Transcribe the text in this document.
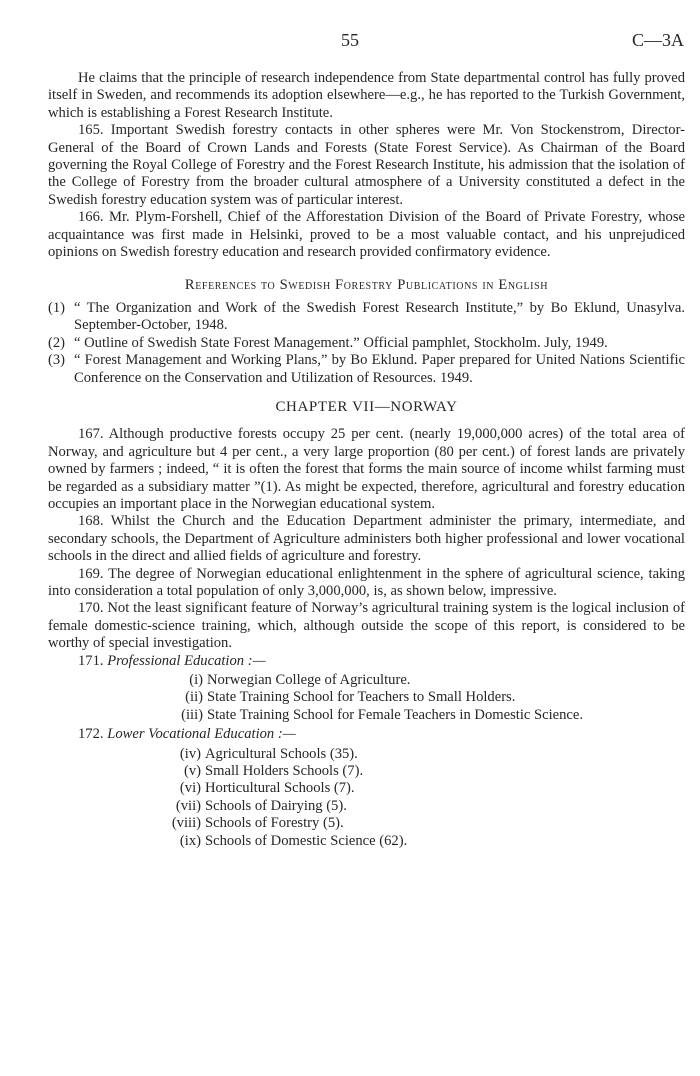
55	C—3A

He claims that the principle of research independence from State departmental control has fully proved itself in Sweden, and recommends its adoption elsewhere—e.g., he has reported to the Turkish Government, which is establishing a Forest Research Institute.

165. Important Swedish forestry contacts in other spheres were Mr. Von Stockenstrom, Director-General of the Board of Crown Lands and Forests (State Forest Service). As Chairman of the Board governing the Royal College of Forestry and the Forest Research Institute, his admission that the isolation of the College of Forestry from the broader cultural atmosphere of a University constituted a defect in the Swedish forestry education system was of particular interest.

166. Mr. Plym-Forshell, Chief of the Afforestation Division of the Board of Private Forestry, whose acquaintance was first made in Helsinki, proved to be a most valuable contact, and his unprejudiced opinions on Swedish forestry education and research provided confirmatory evidence.

References to Swedish Forestry Publications in English
(1) “ The Organization and Work of the Swedish Forest Research Institute,” by Bo Eklund, Unasylva. September-October, 1948.
(2) “ Outline of Swedish State Forest Management.” Official pamphlet, Stockholm. July, 1949.
(3) “ Forest Management and Working Plans,” by Bo Eklund. Paper prepared for United Nations Scientific Conference on the Conservation and Utilization of Resources. 1949.
CHAPTER VII—NORWAY

167. Although productive forests occupy 25 per cent. (nearly 19,000,000 acres) of the total area of Norway, and agriculture but 4 per cent., a very large proportion (80 per cent.) of forest lands are privately owned by farmers ; indeed, “ it is often the forest that forms the main source of income whilst farming must be regarded as a subsidiary matter ”(1). As might be expected, therefore, agricultural and forestry education occupies an important place in the Norwegian educational system.

168. Whilst the Church and the Education Department administer the primary, intermediate, and secondary schools, the Department of Agriculture administers both higher professional and lower vocational schools in the direct and allied fields of agriculture and forestry.

169. The degree of Norwegian educational enlightenment in the sphere of agricultural science, taking into consideration a total population of only 3,000,000, is, as shown below, impressive.

170. Not the least significant feature of Norway’s agricultural training system is the logical inclusion of female domestic-science training, which, although outside the scope of this report, is considered to be worthy of special investigation.

171. Professional Education :—

(i) Norwegian College of Agriculture.
(ii) State Training School for Teachers to Small Holders.
(iii) State Training School for Female Teachers in Domestic Science.

172. Lower Vocational Education :—

(iv) Agricultural Schools (35).
(v) Small Holders Schools (7).
(vi) Horticultural Schools (7).
(vii) Schools of Dairying (5).
(viii) Schools of Forestry (5).
(ix) Schools of Domestic Science (62).
